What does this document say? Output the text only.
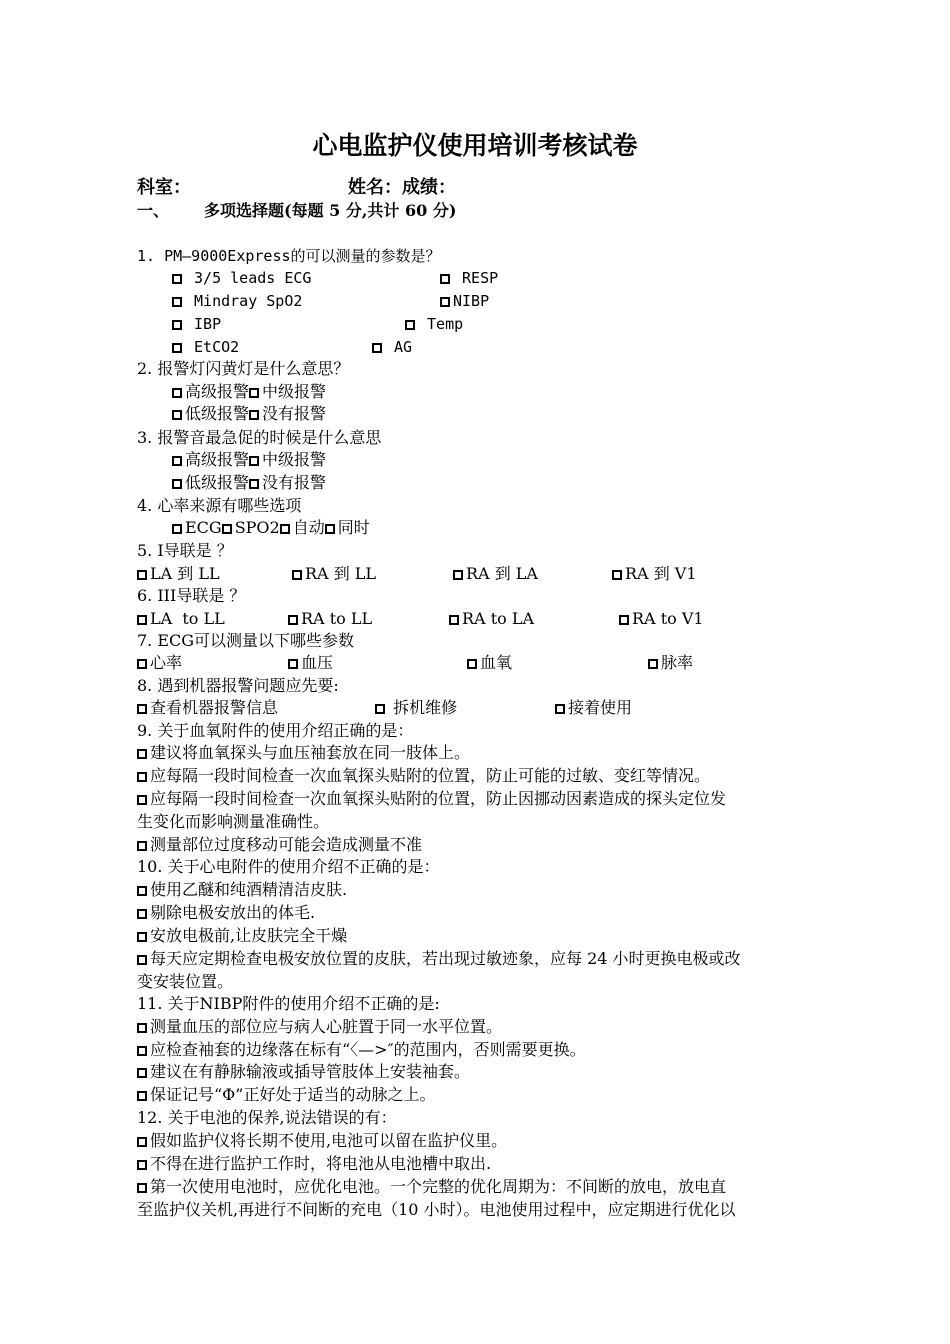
心电监护仪使用培训考核试卷
科室：	姓名：成绩：
一、 多项选择题(每题 5 分,共计 60 分)
1. PM—9000Express的可以测量的参数是？
3/5 leads ECG	RESP
Mindray SpO2	NIBP
IBP	Temp
EtCO2	AG
2. 报警灯闪黄灯是什么意思？
高级报警 中级报警
低级报警 没有报警
3. 报警音最急促的时候是什么意思
高级报警 中级报警
低级报警 没有报警
4. 心率来源有哪些选项
ECG SPO2 自动 同时
5. I导联是 ？
LA 到 LL	RA 到 LL	RA 到 LA	RA 到 V1
6. III导联是 ？
LA  to LL	RA to LL	RA to LA	RA to V1
7. ECG可以测量以下哪些参数
心率	血压	血氧	脉率
8. 遇到机器报警问题应先要:
查看机器报警信息	拆机维修	接着使用
9. 关于血氧附件的使用介绍正确的是：
建议将血氧探头与血压袖套放在同一肢体上。
应每隔一段时间检查一次血氧探头贴附的位置，防止可能的过敏、变红等情况。
应每隔一段时间检查一次血氧探头贴附的位置，防止因挪动因素造成的探头定位发
生变化而影响测量准确性。
测量部位过度移动可能会造成测量不准
10. 关于心电附件的使用介绍不正确的是：
使用乙醚和纯酒精清洁皮肤.
剔除电极安放出的体毛.
安放电极前,让皮肤完全干燥
每天应定期检查电极安放位置的皮肤，若出现过敏迹象，应每 24 小时更换电极或改
变安装位置。
11. 关于NIBP附件的使用介绍不正确的是:
测量血压的部位应与病人心脏置于同一水平位置。
应检查袖套的边缘落在标有“〈—>″的范围内，否则需要更换。
建议在有静脉输液或插导管肢体上安装袖套。
保证记号“Φ”正好处于适当的动脉之上。
12. 关于电池的保养,说法错误的有：
假如监护仪将长期不使用,电池可以留在监护仪里。
不得在进行监护工作时，将电池从电池槽中取出.
第一次使用电池时，应优化电池。一个完整的优化周期为：不间断的放电，放电直
至监护仪关机,再进行不间断的充电（10 小时）。电池使用过程中，应定期进行优化以
